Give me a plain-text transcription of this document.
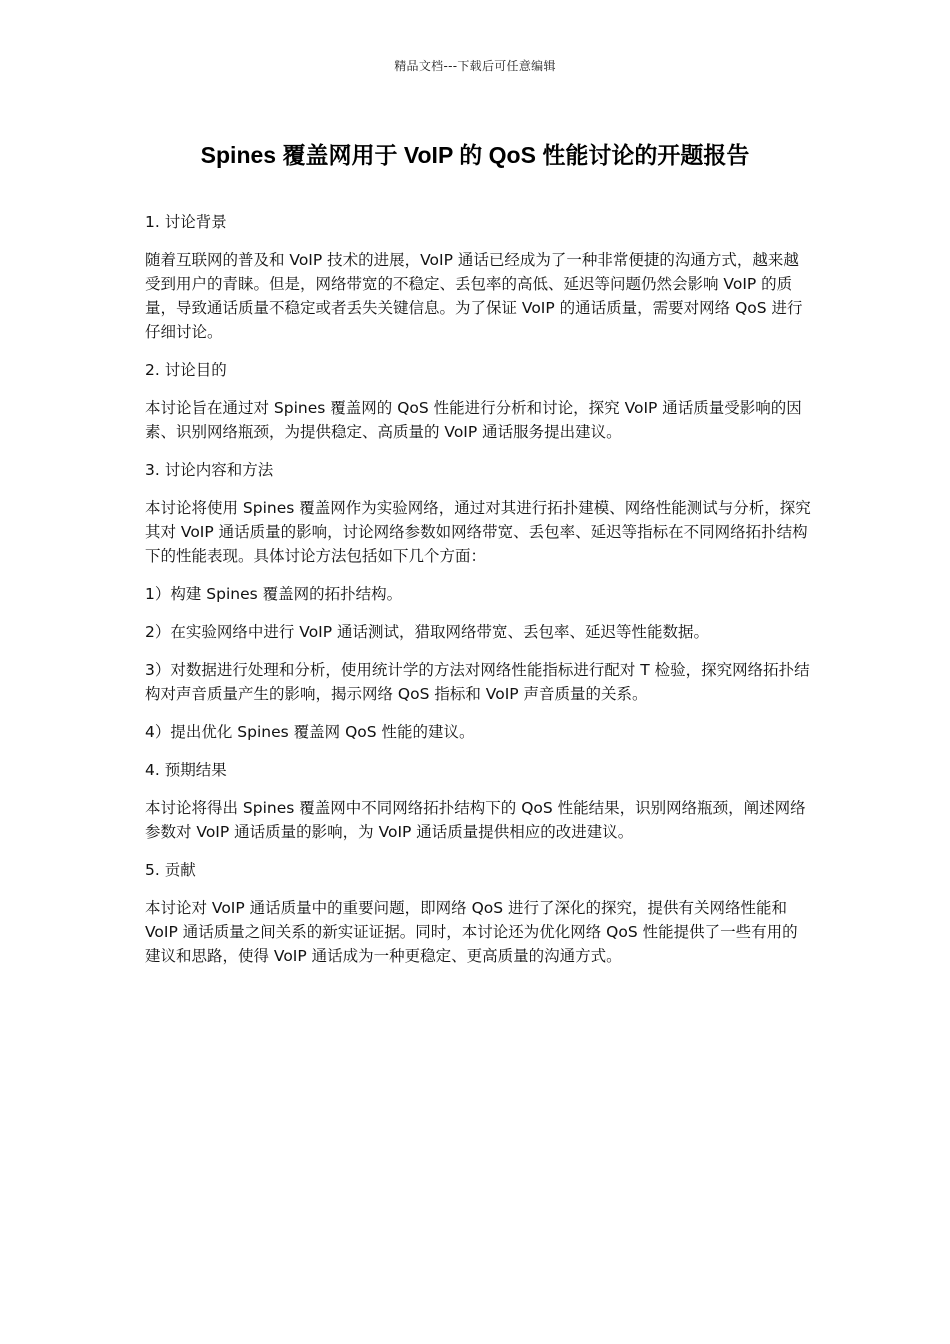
精品文档---下载后可任意编辑
Spines 覆盖网用于 VoIP 的 QoS 性能讨论的开题报告

1. 讨论背景

随着互联网的普及和 VoIP 技术的进展，VoIP 通话已经成为了一种非常便捷的沟通方式，越来越受到用户的青睐。但是，网络带宽的不稳定、丢包率的高低、延迟等问题仍然会影响 VoIP 的质量，导致通话质量不稳定或者丢失关键信息。为了保证 VoIP 的通话质量，需要对网络 QoS 进行仔细讨论。

2. 讨论目的

本讨论旨在通过对 Spines 覆盖网的 QoS 性能进行分析和讨论，探究 VoIP 通话质量受影响的因素、识别网络瓶颈，为提供稳定、高质量的 VoIP 通话服务提出建议。

3. 讨论内容和方法

本讨论将使用 Spines 覆盖网作为实验网络，通过对其进行拓扑建模、网络性能测试与分析，探究其对 VoIP 通话质量的影响，讨论网络参数如网络带宽、丢包率、延迟等指标在不同网络拓扑结构下的性能表现。具体讨论方法包括如下几个方面：

1）构建 Spines 覆盖网的拓扑结构。

2）在实验网络中进行 VoIP 通话测试，猎取网络带宽、丢包率、延迟等性能数据。

3）对数据进行处理和分析，使用统计学的方法对网络性能指标进行配对 T 检验，探究网络拓扑结构对声音质量产生的影响，揭示网络 QoS 指标和 VoIP 声音质量的关系。

4）提出优化 Spines 覆盖网 QoS 性能的建议。

4. 预期结果

本讨论将得出 Spines 覆盖网中不同网络拓扑结构下的 QoS 性能结果，识别网络瓶颈，阐述网络参数对 VoIP 通话质量的影响，为 VoIP 通话质量提供相应的改进建议。

5. 贡献

本讨论对 VoIP 通话质量中的重要问题，即网络 QoS 进行了深化的探究，提供有关网络性能和 VoIP 通话质量之间关系的新实证证据。同时，本讨论还为优化网络 QoS 性能提供了一些有用的建议和思路，使得 VoIP 通话成为一种更稳定、更高质量的沟通方式。
